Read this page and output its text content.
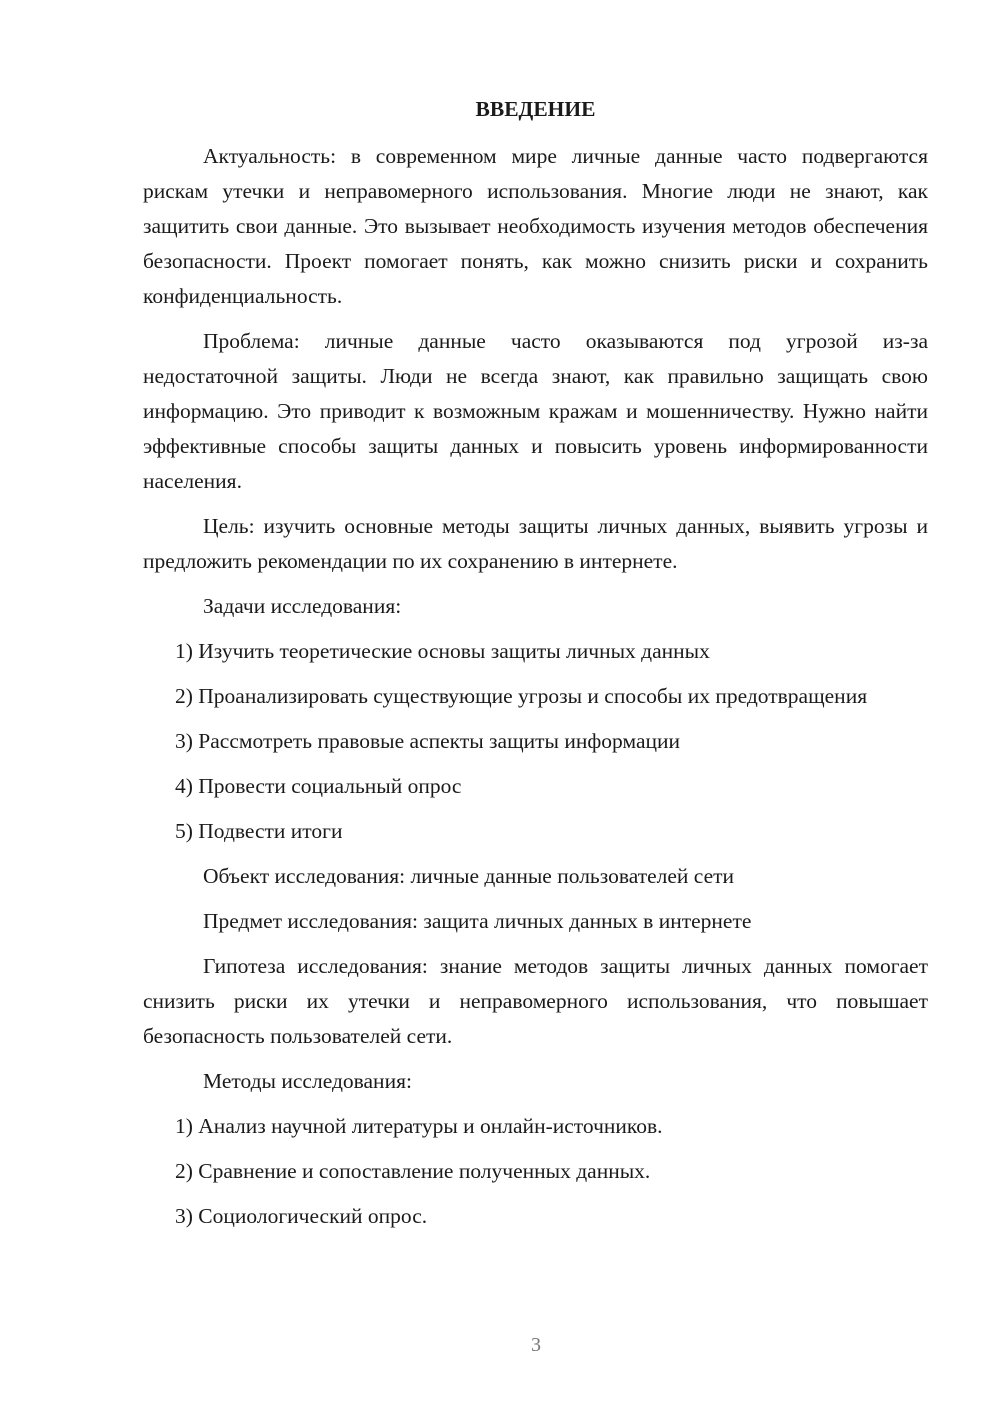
ВВЕДЕНИЕ

Актуальность: в современном мире личные данные часто подвергаются рискам утечки и неправомерного использования. Многие люди не знают, как защитить свои данные. Это вызывает необходимость изучения методов обеспечения безопасности. Проект помогает понять, как можно снизить риски и сохранить конфиденциальность.

Проблема: личные данные часто оказываются под угрозой из-за недостаточной защиты. Люди не всегда знают, как правильно защищать свою информацию. Это приводит к возможным кражам и мошенничеству. Нужно найти эффективные способы защиты данных и повысить уровень информированности населения.

Цель: изучить основные методы защиты личных данных, выявить угрозы и предложить рекомендации по их сохранению в интернете.

Задачи исследования:

1) Изучить теоретические основы защиты личных данных

2) Проанализировать существующие угрозы и способы их предотвращения

3) Рассмотреть правовые аспекты защиты информации

4) Провести социальный опрос

5) Подвести итоги

Объект исследования: личные данные пользователей сети

Предмет исследования: защита личных данных в интернете

Гипотеза исследования: знание методов защиты личных данных помогает снизить риски их утечки и неправомерного использования, что повышает безопасность пользователей сети.

Методы исследования:

1) Анализ научной литературы и онлайн-источников.

2) Сравнение и сопоставление полученных данных.

3) Социологический опрос.

3
